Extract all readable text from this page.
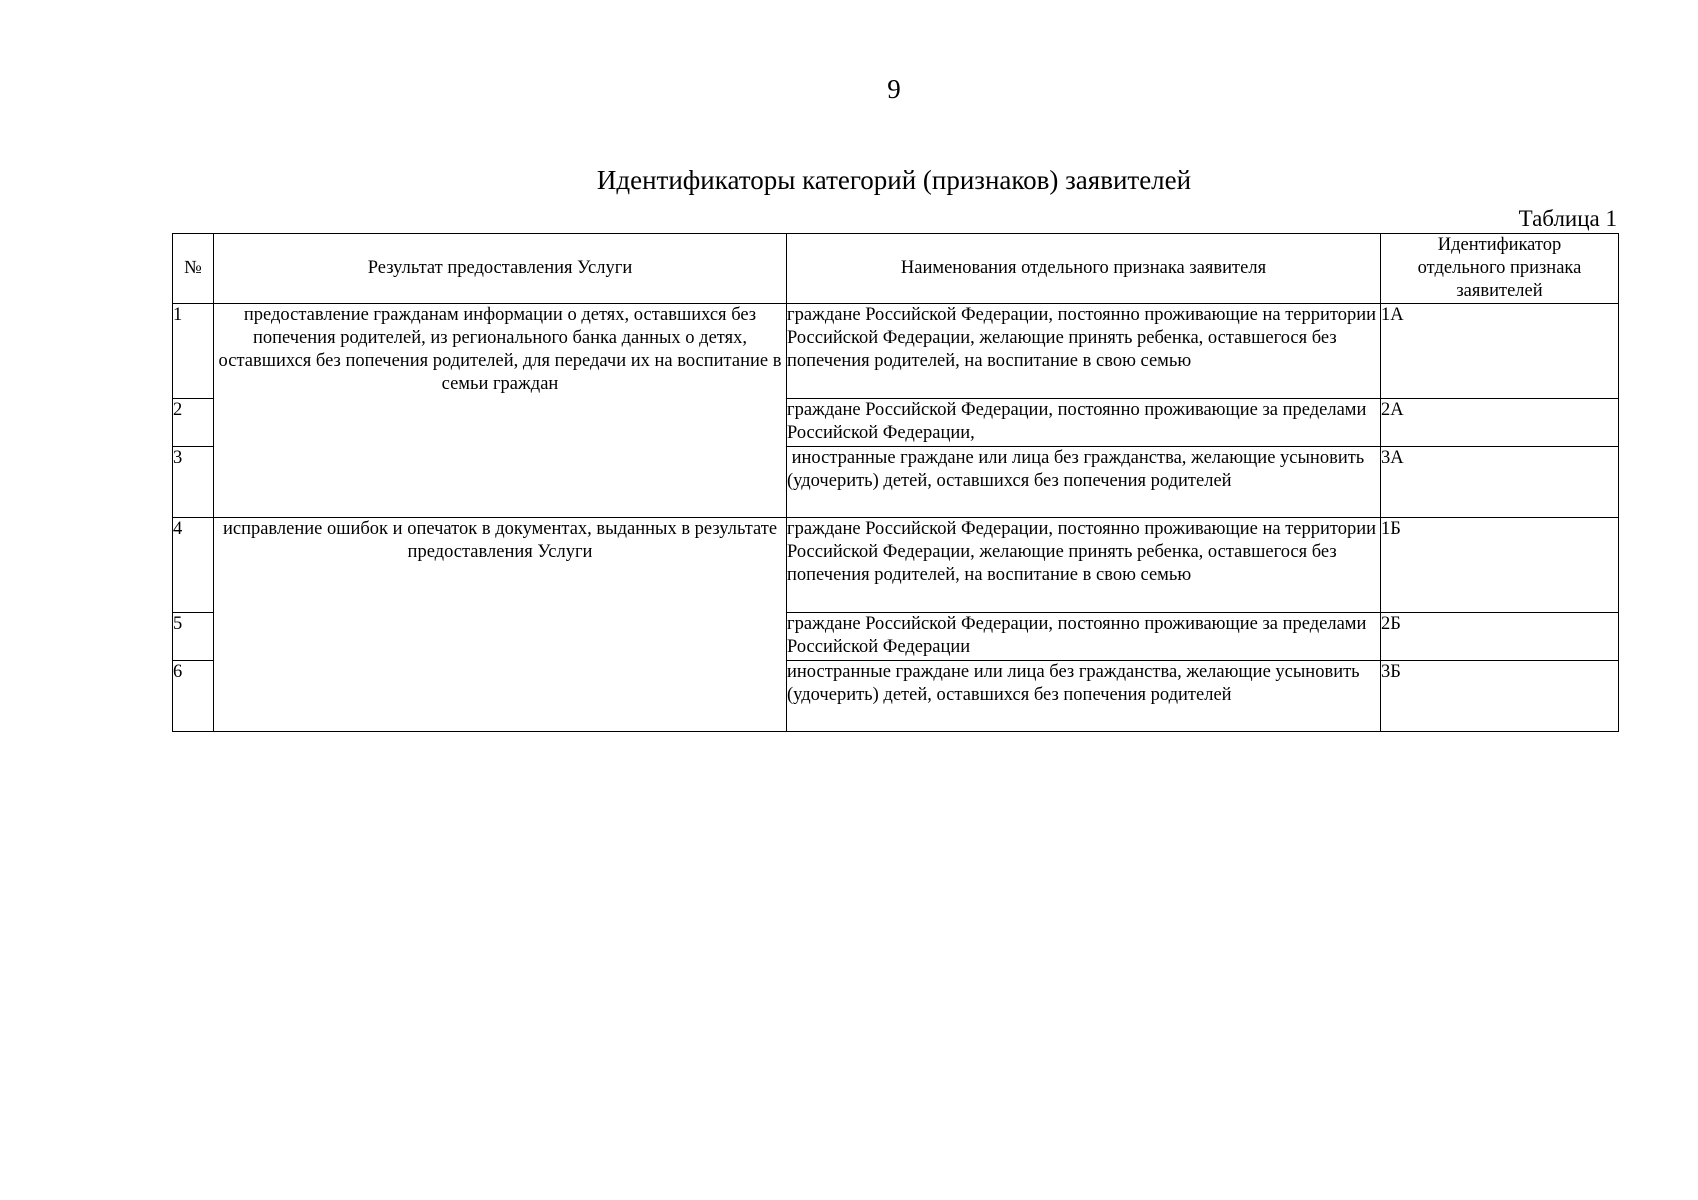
9
Идентификаторы категорий (признаков) заявителей
Таблица 1
№	Результат предоставления Услуги	Наименования отдельного признака заявителя	Идентификатор отдельного признака заявителей
1	предоставление гражданам информации о детях, оставшихся без попечения родителей, из регионального банка данных о детях, оставшихся без попечения родителей, для передачи их на воспитание в семьи граждан	граждане Российской Федерации, постоянно проживающие на территории Российской Федерации, желающие принять ребенка, оставшегося без попечения родителей, на воспитание в свою семью	1А
2		граждане Российской Федерации, постоянно проживающие за пределами Российской Федерации,	2А
3		иностранные граждане или лица без гражданства, желающие усыновить (удочерить) детей, оставшихся без попечения родителей	3А
4	исправление ошибок и опечаток в документах, выданных в результате предоставления Услуги	граждане Российской Федерации, постоянно проживающие на территории Российской Федерации, желающие принять ребенка, оставшегося без попечения родителей, на воспитание в свою семью	1Б
5		граждане Российской Федерации, постоянно проживающие за пределами Российской Федерации	2Б
6		иностранные граждане или лица без гражданства, желающие усыновить (удочерить) детей, оставшихся без попечения родителей	3Б
